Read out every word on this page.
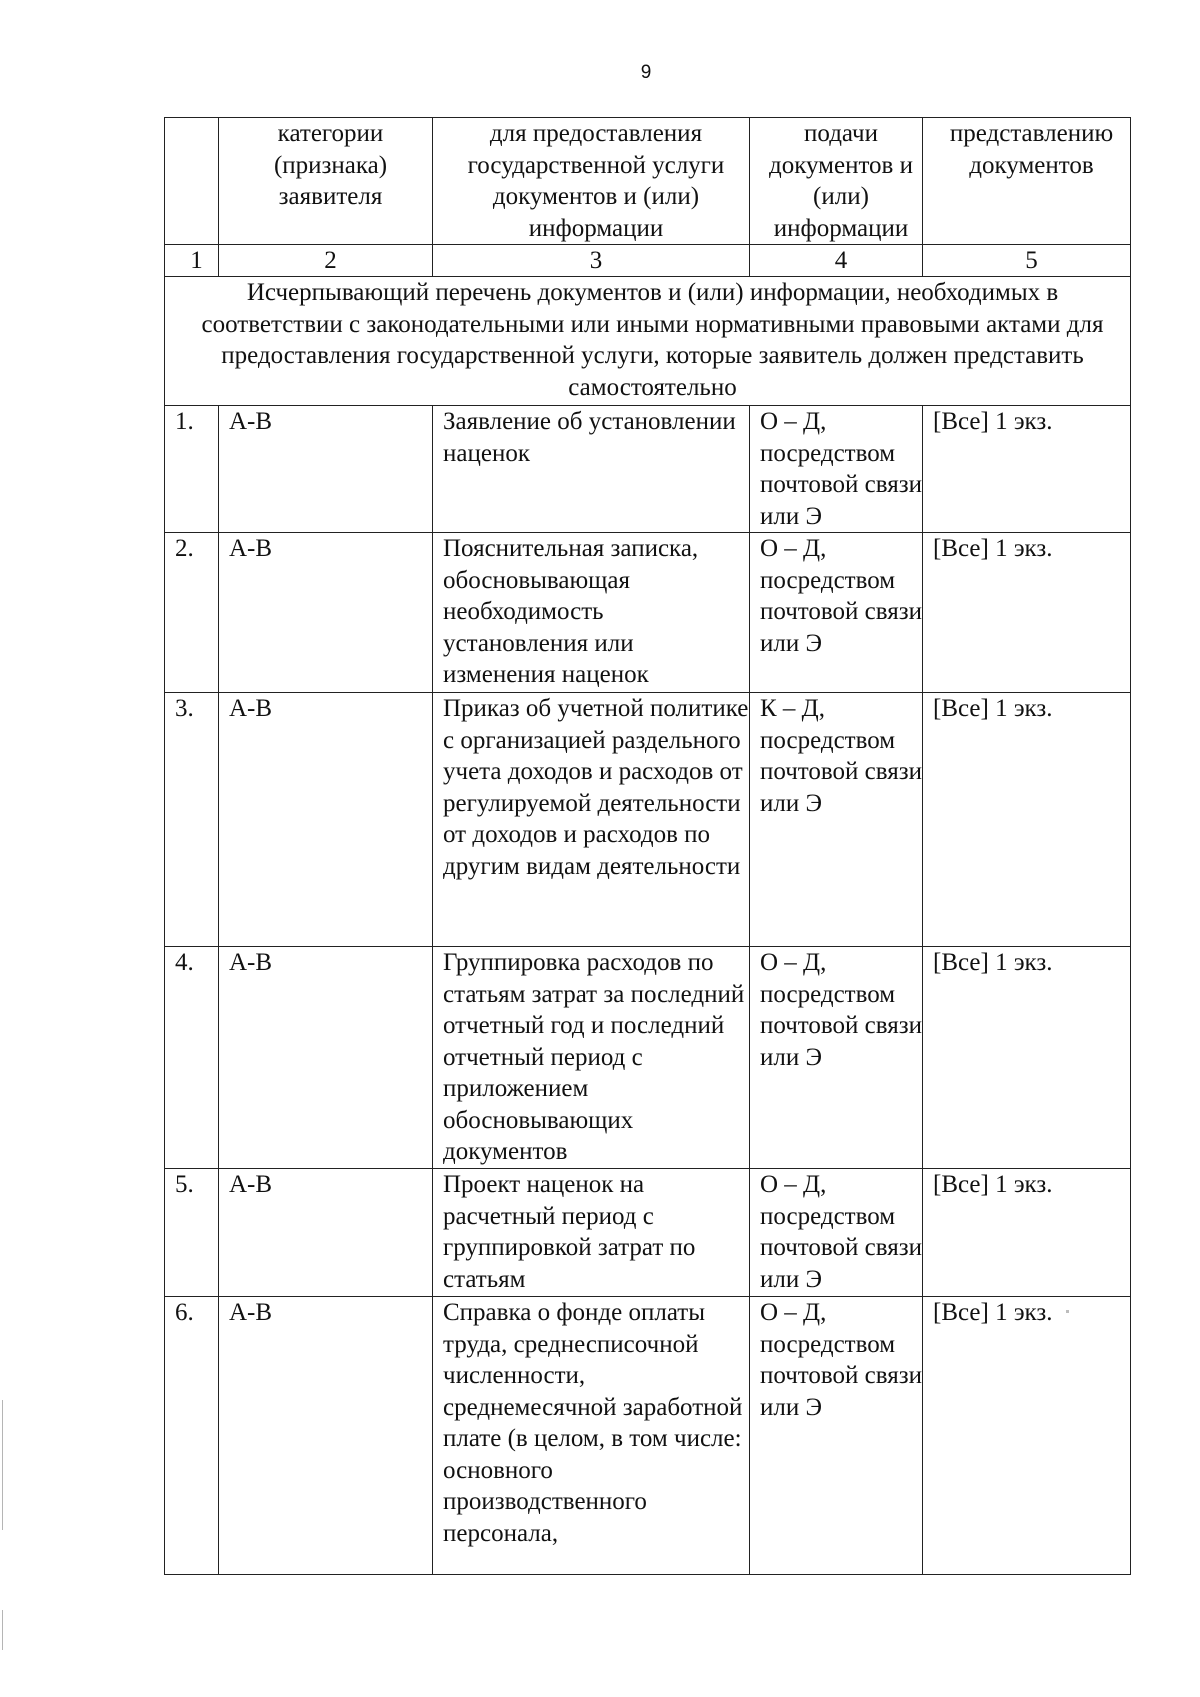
9
	категории (признака) заявителя	для предоставления государственной услуги документов и (или) информации	подачи документов и (или) информации	представлению документов
1	2	3	4	5
Исчерпывающий перечень документов и (или) информации, необходимых в соответствии с законодательными или иными нормативными правовыми актами для предоставления государственной услуги, которые заявитель должен представить самостоятельно				
1.	А-В	Заявление об установлении наценок	О – Д, посредством почтовой связи или Э	[Все] 1 экз.
2.	А-В	Пояснительная записка, обосновывающая необходимость установления или изменения наценок	О – Д, посредством почтовой связи или Э	[Все] 1 экз.
3.	А-В	Приказ об учетной политике с организацией раздельного учета доходов и расходов от регулируемой деятельности от доходов и расходов по другим видам деятельности	К – Д, посредством почтовой связи или Э	[Все] 1 экз.
4.	А-В	Группировка расходов по статьям затрат за последний отчетный год и последний отчетный период с приложением обосновывающих документов	О – Д, посредством почтовой связи или Э	[Все] 1 экз.
5.	А-В	Проект наценок на расчетный период с группировкой затрат по статьям	О – Д, посредством почтовой связи или Э	[Все] 1 экз.
6.	А-В	Справка о фонде оплаты труда, среднесписочной численности, среднемесячной заработной плате (в целом, в том числе: основного производственного персонала,	О – Д, посредством почтовой связи или Э	[Все] 1 экз.
